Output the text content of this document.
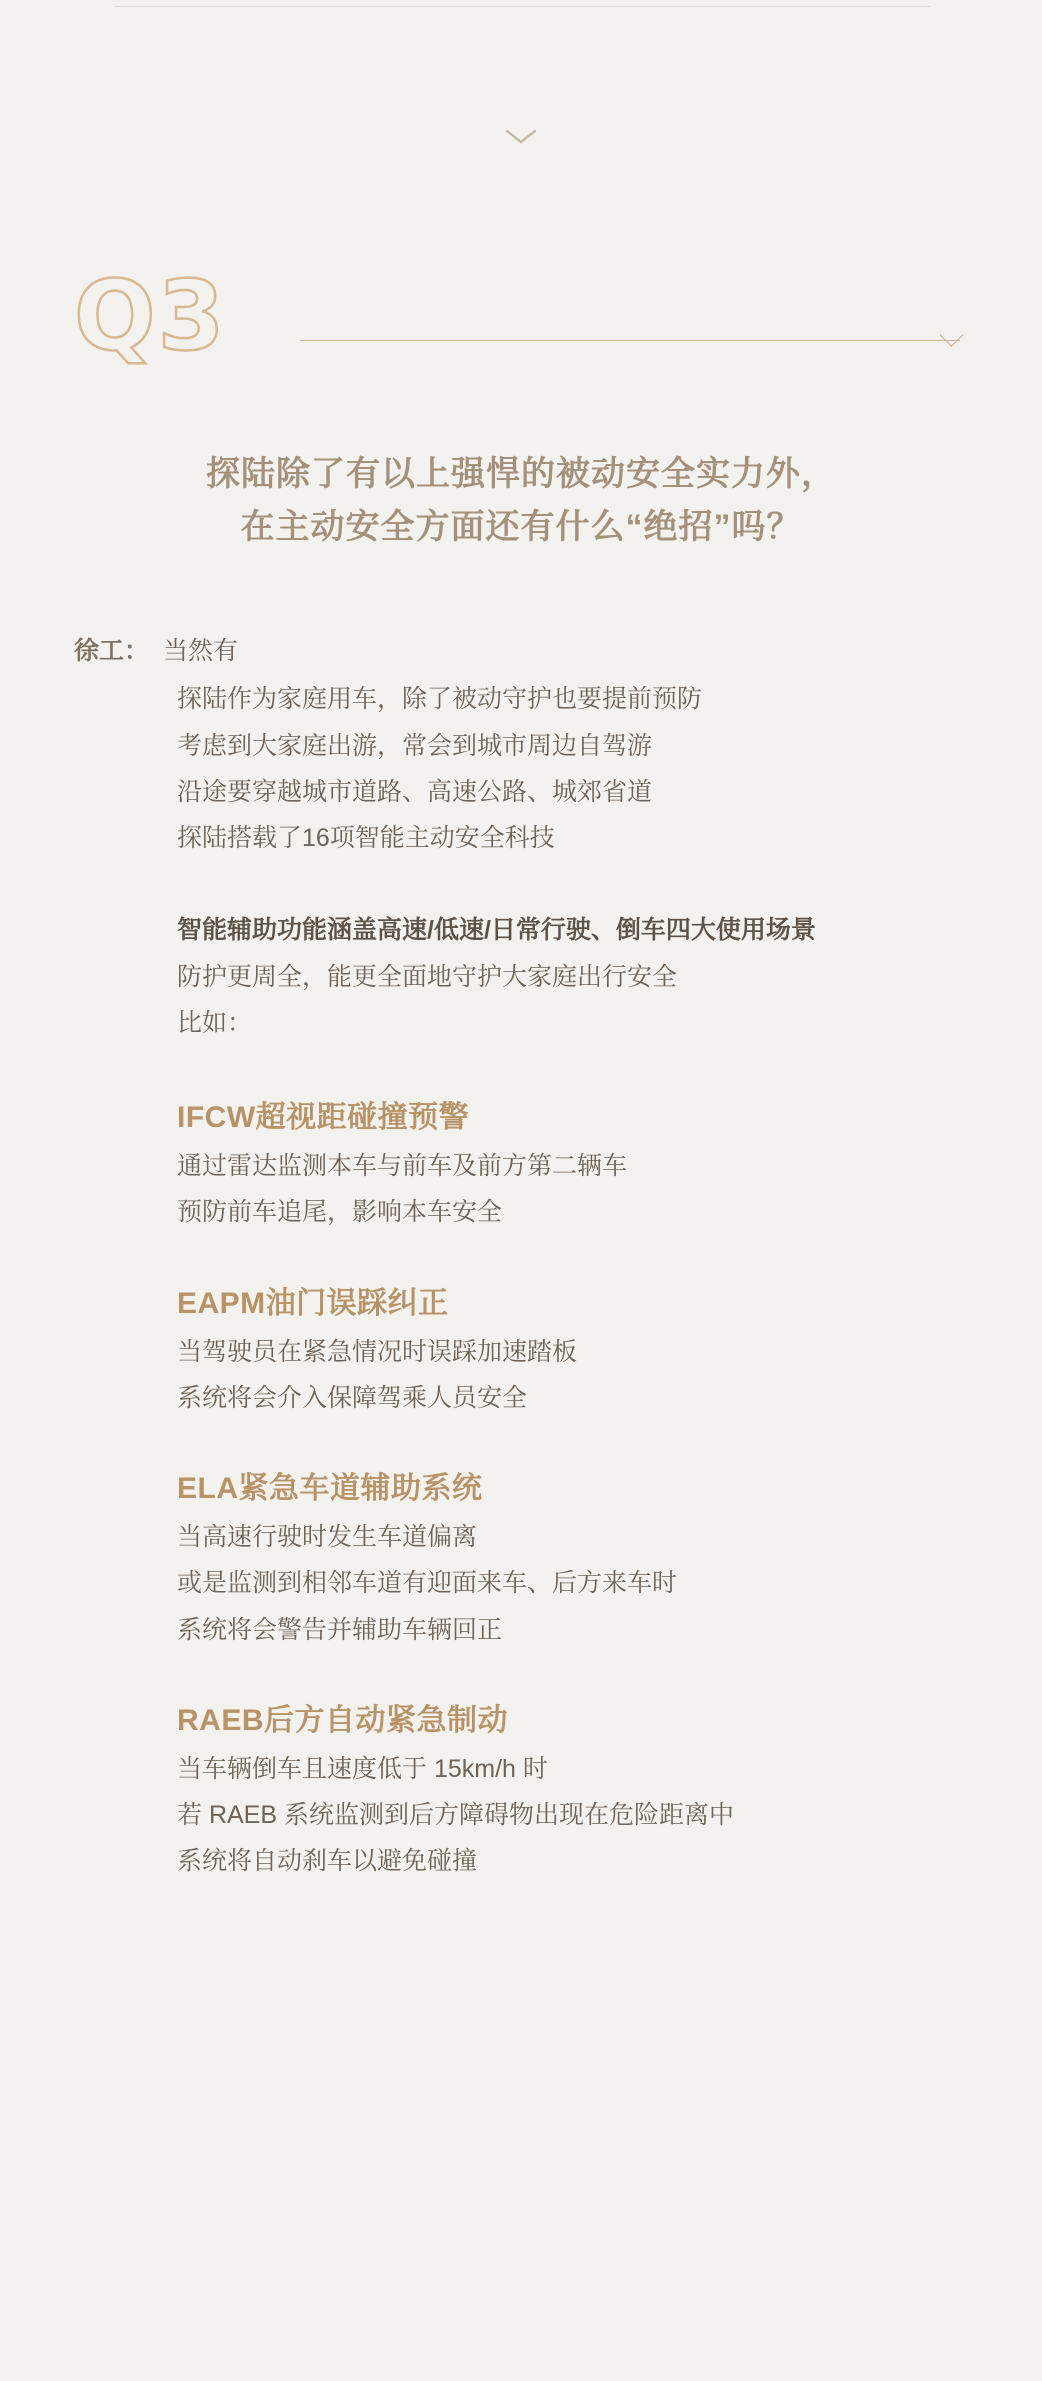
Q3
探陆除了有以上强悍的被动安全实力外，
在主动安全方面还有什么“绝招”吗？
徐工： 当然有
探陆作为家庭用车，除了被动守护也要提前预防
考虑到大家庭出游，常会到城市周边自驾游
沿途要穿越城市道路、高速公路、城郊省道
探陆搭载了16项智能主动安全科技
智能辅助功能涵盖高速/低速/日常行驶、倒车四大使用场景
防护更周全，能更全面地守护大家庭出行安全
比如：
IFCW超视距碰撞预警
通过雷达监测本车与前车及前方第二辆车
预防前车追尾，影响本车安全
EAPM油门误踩纠正
当驾驶员在紧急情况时误踩加速踏板
系统将会介入保障驾乘人员安全
ELA紧急车道辅助系统
当高速行驶时发生车道偏离
或是监测到相邻车道有迎面来车、后方来车时
系统将会警告并辅助车辆回正
RAEB后方自动紧急制动
当车辆倒车且速度低于 15km/h 时
若 RAEB 系统监测到后方障碍物出现在危险距离中
系统将自动刹车以避免碰撞
